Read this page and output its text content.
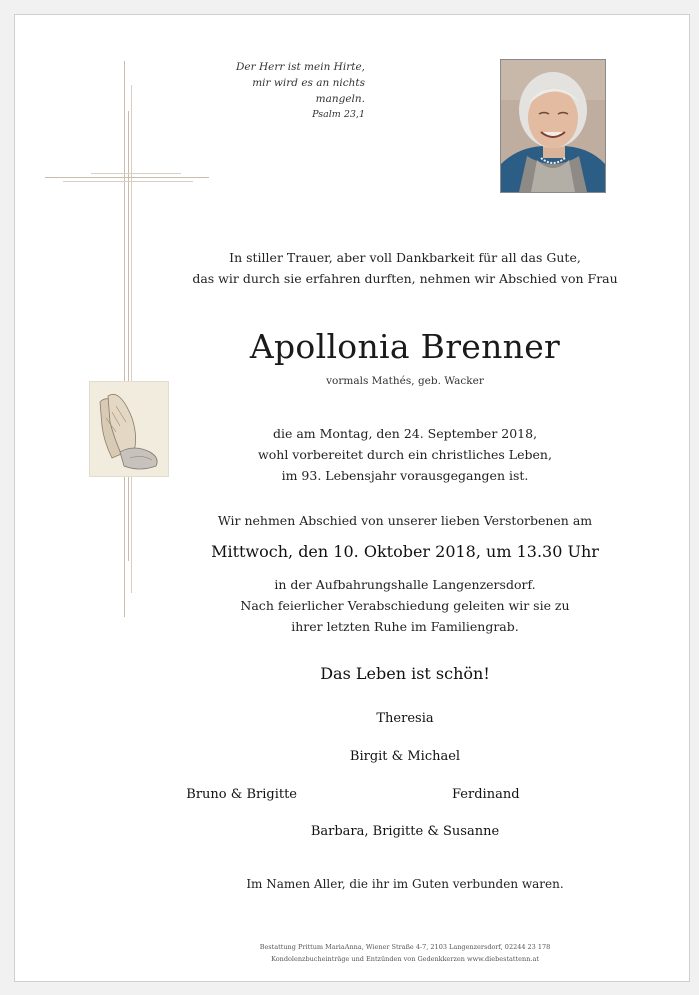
Der Herr ist mein Hirte,
mir wird es an nichts mangeln.
Psalm 23,1
In stiller Trauer, aber voll Dankbarkeit für all das Gute,
das wir durch sie erfahren durften, nehmen wir Abschied von Frau
Apollonia Brenner
vormals Mathés, geb. Wacker
die am Montag, den 24. September 2018,
wohl vorbereitet durch ein christliches Leben,
im 93. Lebensjahr vorausgegangen ist.
Wir nehmen Abschied von unserer lieben Verstorbenen am
Mittwoch, den 10. Oktober 2018, um 13.30 Uhr
in der Aufbahrungshalle Langenzersdorf.
Nach feierlicher Verabschiedung geleiten wir sie zu
ihrer letzten Ruhe im Familiengrab.
Das Leben ist schön!
Theresia
Birgit & Michael
Bruno & Brigitte	Ferdinand
Barbara, Brigitte & Susanne
Im Namen Aller, die ihr im Guten verbunden waren.
Bestattung Prittum MariaAnna, Wiener Straße 4-7, 2103 Langenzersdorf, 02244 23 178
Kondolenzbucheinträge und Entzünden von Gedenkkerzen www.diebestattenn.at
